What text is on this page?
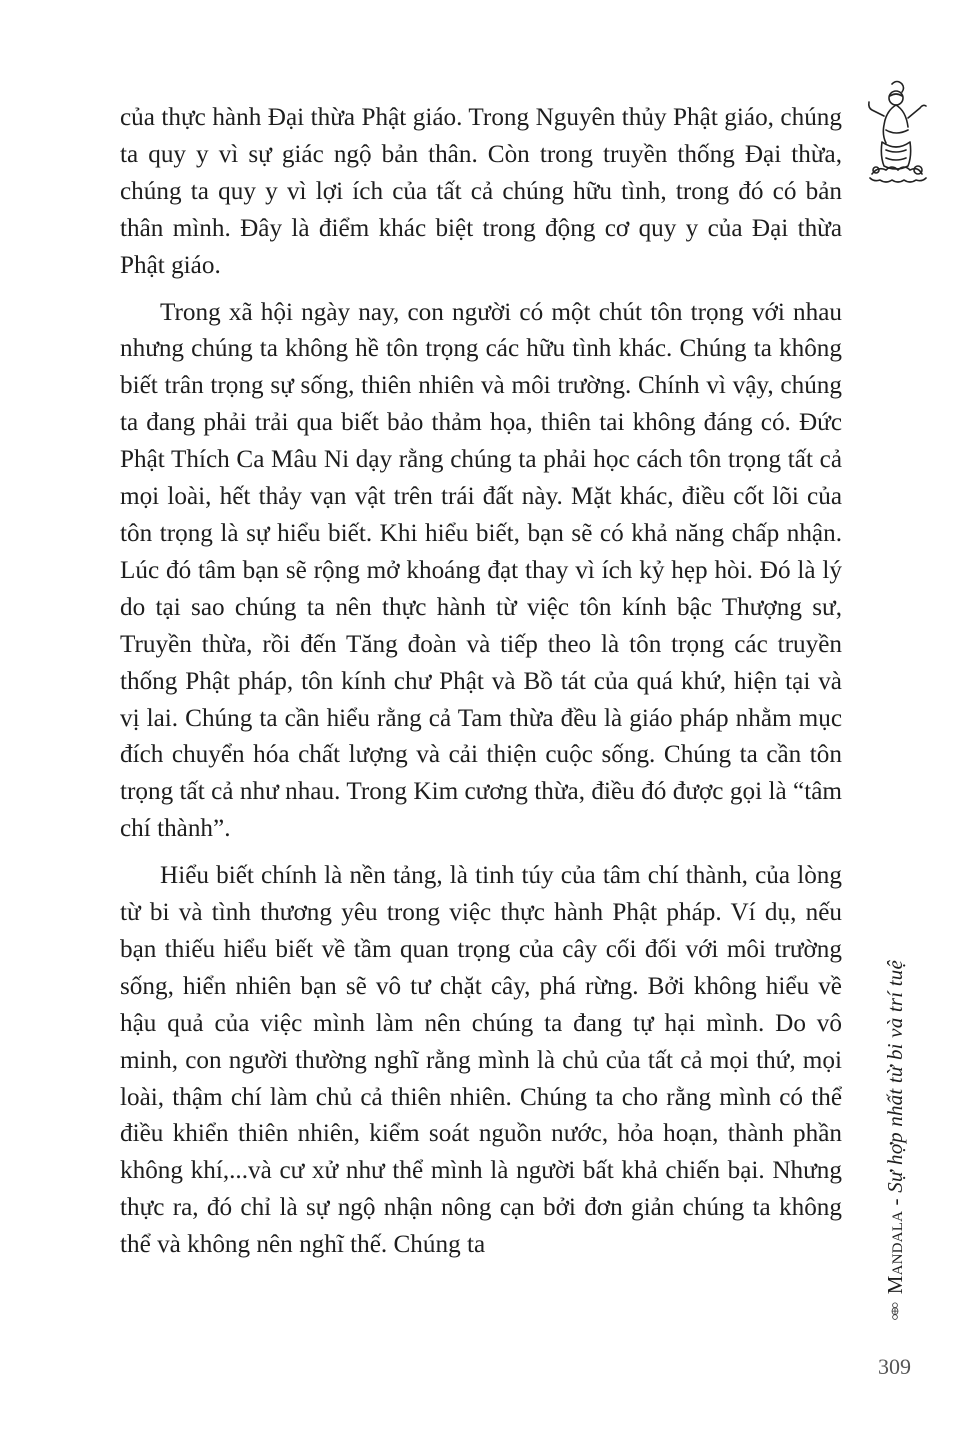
của thực hành Đại thừa Phật giáo. Trong Nguyên thủy Phật giáo, chúng ta quy y vì sự giác ngộ bản thân. Còn trong truyền thống Đại thừa, chúng ta quy y vì lợi ích của tất cả chúng hữu tình, trong đó có bản thân mình. Đây là điểm khác biệt trong động cơ quy y của Đại thừa Phật giáo.

Trong xã hội ngày nay, con người có một chút tôn trọng với nhau nhưng chúng ta không hề tôn trọng các hữu tình khác. Chúng ta không biết trân trọng sự sống, thiên nhiên và môi trường. Chính vì vậy, chúng ta đang phải trải qua biết bảo thảm họa, thiên tai không đáng có. Đức Phật Thích Ca Mâu Ni dạy rằng chúng ta phải học cách tôn trọng tất cả mọi loài, hết thảy vạn vật trên trái đất này. Mặt khác, điều cốt lõi của tôn trọng là sự hiểu biết. Khi hiểu biết, bạn sẽ có khả năng chấp nhận. Lúc đó tâm bạn sẽ rộng mở khoáng đạt thay vì ích kỷ hẹp hòi. Đó là lý do tại sao chúng ta nên thực hành từ việc tôn kính bậc Thượng sư, Truyền thừa, rồi đến Tăng đoàn và tiếp theo là tôn trọng các truyền thống Phật pháp, tôn kính chư Phật và Bồ tát của quá khứ, hiện tại và vị lai. Chúng ta cần hiểu rằng cả Tam thừa đều là giáo pháp nhằm mục đích chuyển hóa chất lượng và cải thiện cuộc sống. Chúng ta cần tôn trọng tất cả như nhau. Trong Kim cương thừa, điều đó được gọi là “tâm chí thành”.

Hiểu biết chính là nền tảng, là tinh túy của tâm chí thành, của lòng từ bi và tình thương yêu trong việc thực hành Phật pháp. Ví dụ, nếu bạn thiếu hiểu biết về tầm quan trọng của cây cối đối với môi trường sống, hiển nhiên bạn sẽ vô tư chặt cây, phá rừng. Bởi không hiểu về hậu quả của việc mình làm nên chúng ta đang tự hại mình. Do vô minh, con người thường nghĩ rằng mình là chủ của tất cả mọi thứ, mọi loài, thậm chí làm chủ cả thiên nhiên. Chúng ta cho rằng mình có thể điều khiển thiên nhiên, kiểm soát nguồn nước, hỏa hoạn, thành phần không khí,...và cư xử như thể mình là người bất khả chiến bại. Nhưng thực ra, đó chỉ là sự ngộ nhận nông cạn bởi đơn giản chúng ta không thể và không nên nghĩ thế. Chúng ta	Mandala - Sự hợp nhất từ bi và trí tuệ
309
